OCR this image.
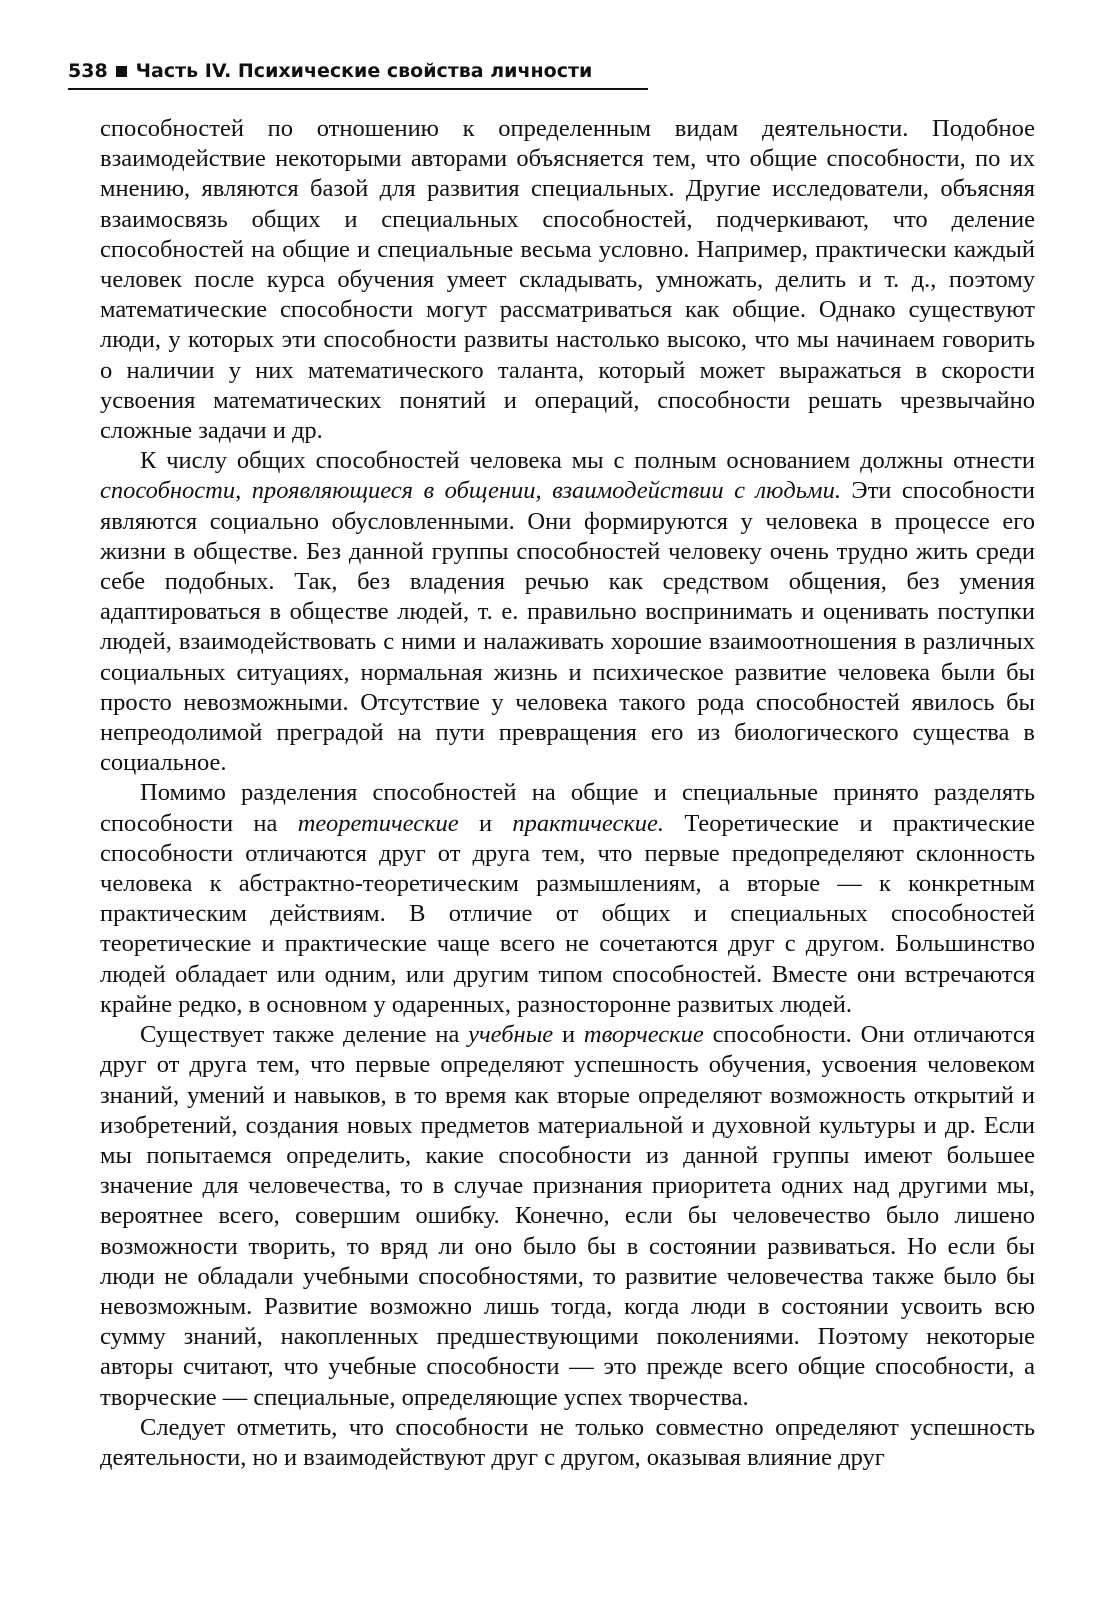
538 Часть IV. Психические свойства личности

способностей по отношению к определенным видам деятельности. Подобное взаимодействие некоторыми авторами объясняется тем, что общие способности, по их мнению, являются базой для развития специальных. Другие исследователи, объясняя взаимосвязь общих и специальных способностей, подчеркивают, что деление способностей на общие и специальные весьма условно. Например, практически каждый человек после курса обучения умеет складывать, умножать, делить и т. д., поэтому математические способности могут рассматриваться как общие. Однако существуют люди, у которых эти способности развиты настолько высоко, что мы начинаем говорить о наличии у них математического таланта, который может выражаться в скорости усвоения математических понятий и операций, способности решать чрезвычайно сложные задачи и др.

К числу общих способностей человека мы с полным основанием должны отнести способности, проявляющиеся в общении, взаимодействии с людьми. Эти способности являются социально обусловленными. Они формируются у человека в процессе его жизни в обществе. Без данной группы способностей человеку очень трудно жить среди себе подобных. Так, без владения речью как средством общения, без умения адаптироваться в обществе людей, т. е. правильно воспринимать и оценивать поступки людей, взаимодействовать с ними и налаживать хорошие взаимоотношения в различных социальных ситуациях, нормальная жизнь и психическое развитие человека были бы просто невозможными. Отсутствие у человека такого рода способностей явилось бы непреодолимой преградой на пути превращения его из биологического существа в социальное.

Помимо разделения способностей на общие и специальные принято разделять способности на теоретические и практические. Теоретические и практические способности отличаются друг от друга тем, что первые предопределяют склонность человека к абстрактно-теоретическим размышлениям, а вторые — к конкретным практическим действиям. В отличие от общих и специальных способностей теоретические и практические чаще всего не сочетаются друг с другом. Большинство людей обладает или одним, или другим типом способностей. Вместе они встречаются крайне редко, в основном у одаренных, разносторонне развитых людей.

Существует также деление на учебные и творческие способности. Они отличаются друг от друга тем, что первые определяют успешность обучения, усвоения человеком знаний, умений и навыков, в то время как вторые определяют возможность открытий и изобретений, создания новых предметов материальной и духовной культуры и др. Если мы попытаемся определить, какие способности из данной группы имеют большее значение для человечества, то в случае признания приоритета одних над другими мы, вероятнее всего, совершим ошибку. Конечно, если бы человечество было лишено возможности творить, то вряд ли оно было бы в состоянии развиваться. Но если бы люди не обладали учебными способностями, то развитие человечества также было бы невозможным. Развитие возможно лишь тогда, когда люди в состоянии усвоить всю сумму знаний, накопленных предшествующими поколениями. Поэтому некоторые авторы считают, что учебные способности — это прежде всего общие способности, а творческие — специальные, определяющие успех творчества.

Следует отметить, что способности не только совместно определяют успешность деятельности, но и взаимодействуют друг с другом, оказывая влияние друг
